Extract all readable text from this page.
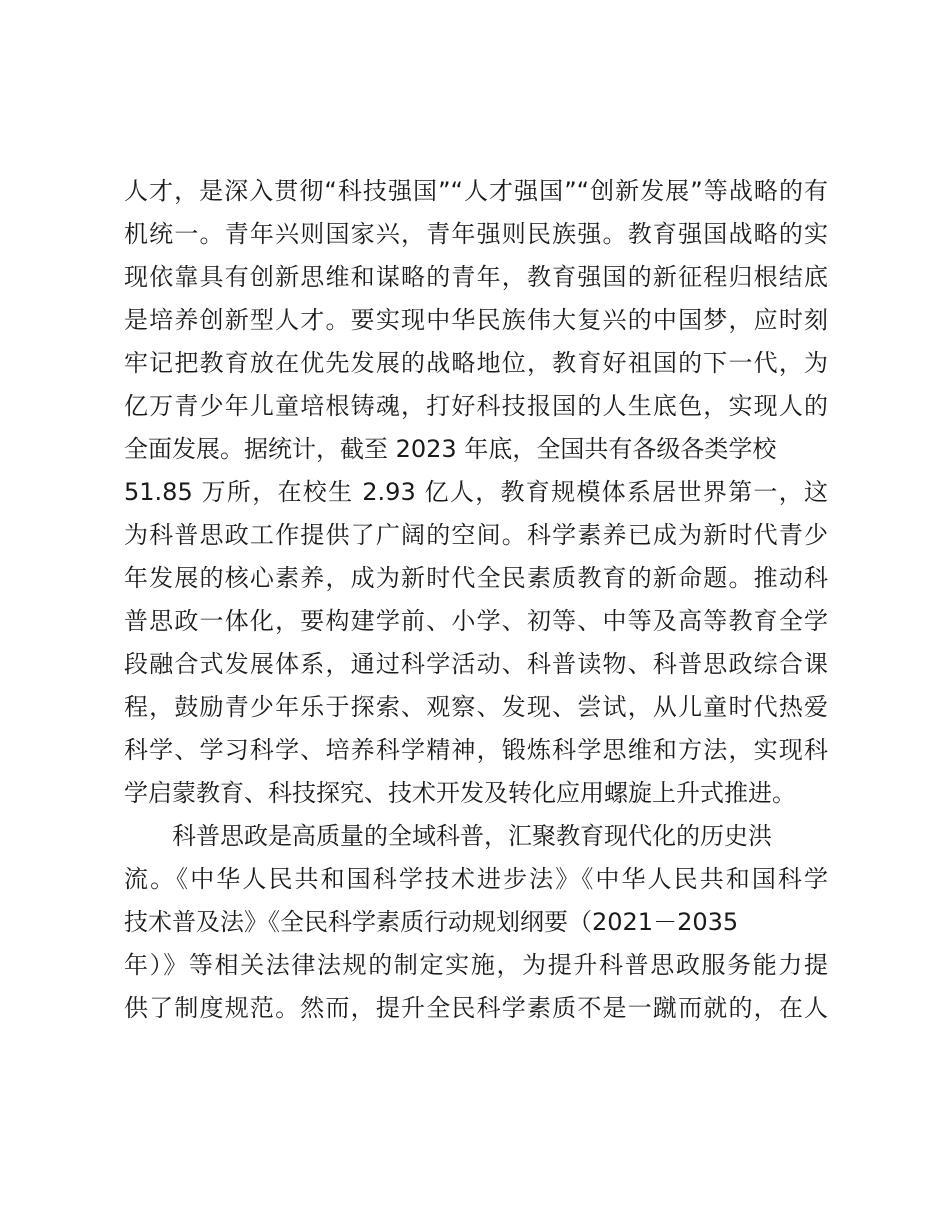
人才，是深入贯彻“科技强国”“人才强国”“创新发展”等战略的有
机统一。青年兴则国家兴，青年强则民族强。教育强国战略的实
现依靠具有创新思维和谋略的青年，教育强国的新征程归根结底
是培养创新型人才。要实现中华民族伟大复兴的中国梦，应时刻
牢记把教育放在优先发展的战略地位，教育好祖国的下一代，为
亿万青少年儿童培根铸魂，打好科技报国的人生底色，实现人的
全面发展。据统计，截至 2023 年底，全国共有各级各类学校
51.85 万所，在校生 2.93 亿人，教育规模体系居世界第一，这
为科普思政工作提供了广阔的空间。科学素养已成为新时代青少
年发展的核心素养，成为新时代全民素质教育的新命题。推动科
普思政一体化，要构建学前、小学、初等、中等及高等教育全学
段融合式发展体系，通过科学活动、科普读物、科普思政综合课
程，鼓励青少年乐于探索、观察、发现、尝试，从儿童时代热爱
科学、学习科学、培养科学精神，锻炼科学思维和方法，实现科
学启蒙教育、科技探究、技术开发及转化应用螺旋上升式推进。
科普思政是高质量的全域科普，汇聚教育现代化的历史洪
流。《中华人民共和国科学技术进步法》《中华人民共和国科学
技术普及法》《全民科学素质行动规划纲要（2021－2035
年）》等相关法律法规的制定实施，为提升科普思政服务能力提
供了制度规范。然而，提升全民科学素质不是一蹴而就的，在人
